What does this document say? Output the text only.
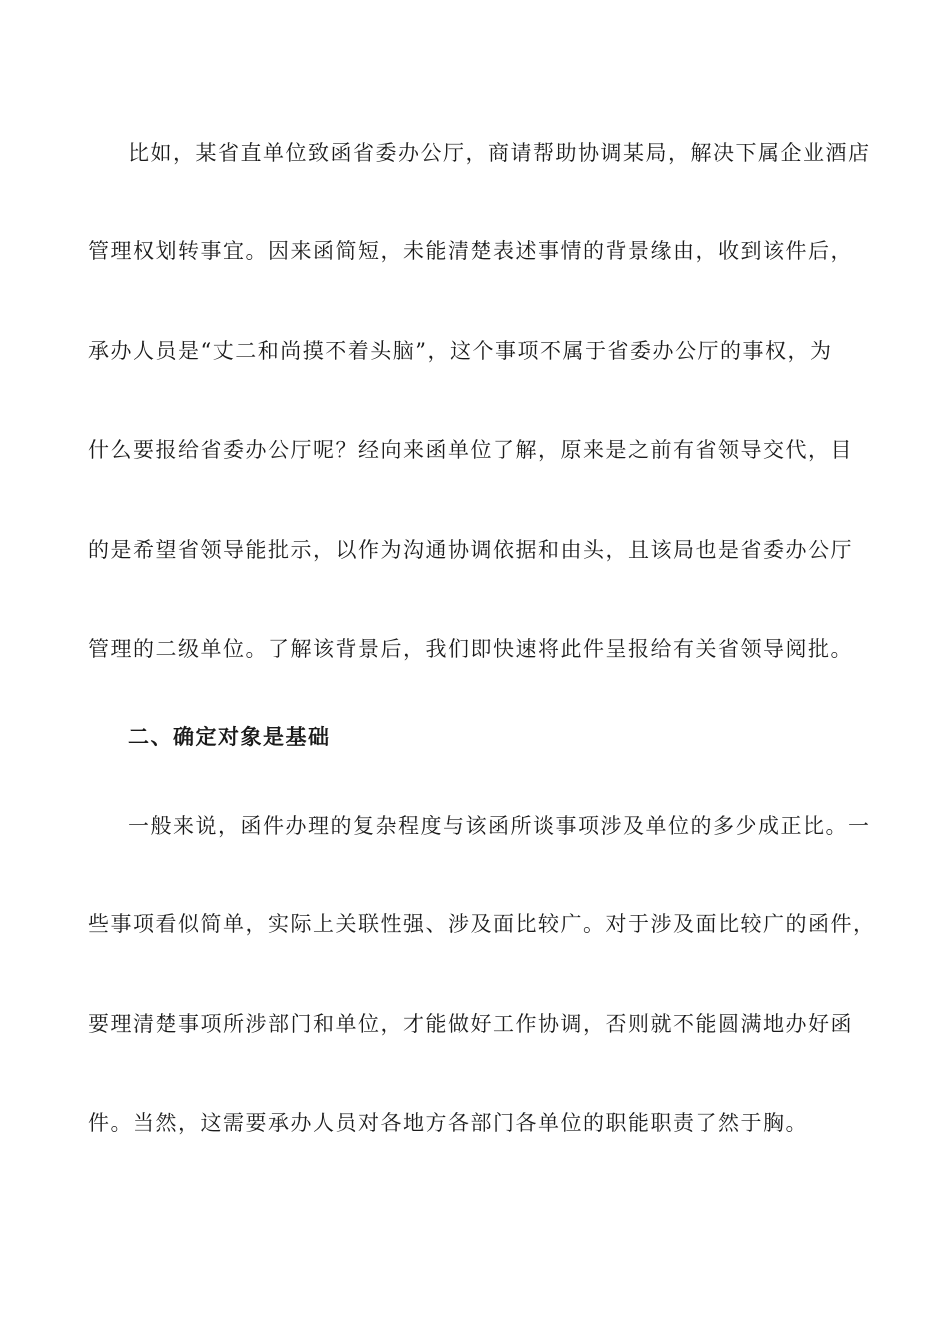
比如，某省直单位致函省委办公厅，商请帮助协调某局，解决下属企业酒店
管理权划转事宜。因来函简短，未能清楚表述事情的背景缘由，收到该件后，
承办人员是“丈二和尚摸不着头脑”，这个事项不属于省委办公厅的事权，为
什么要报给省委办公厅呢？经向来函单位了解，原来是之前有省领导交代，目
的是希望省领导能批示，以作为沟通协调依据和由头，且该局也是省委办公厅
管理的二级单位。了解该背景后，我们即快速将此件呈报给有关省领导阅批。
二、确定对象是基础
一般来说，函件办理的复杂程度与该函所谈事项涉及单位的多少成正比。一
些事项看似简单，实际上关联性强、涉及面比较广。对于涉及面比较广的函件，
要理清楚事项所涉部门和单位，才能做好工作协调，否则就不能圆满地办好函
件。当然，这需要承办人员对各地方各部门各单位的职能职责了然于胸。
